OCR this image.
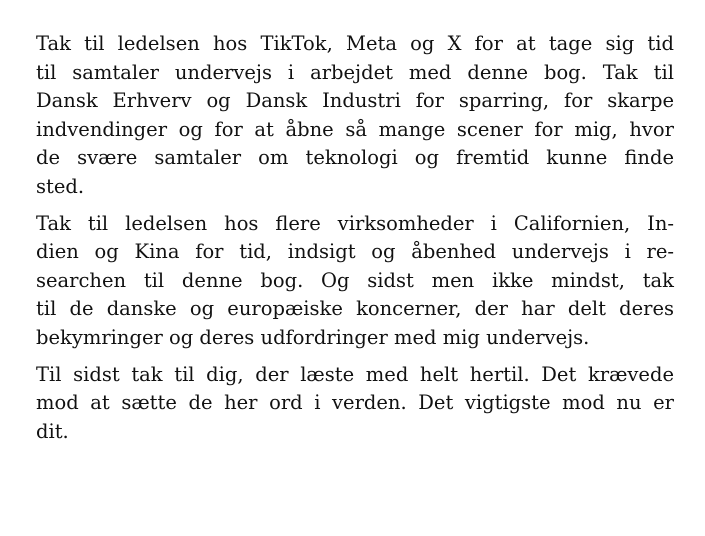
Tak til ledelsen hos TikTok, Meta og X for at tage sig tid
til samtaler undervejs i arbejdet med denne bog. Tak til
Dansk Erhverv og Dansk Industri for sparring, for skarpe
indvendinger og for at åbne så mange scener for mig, hvor
de svære samtaler om teknologi og fremtid kunne finde
sted.
Tak til ledelsen hos flere virksomheder i Californien, In-
dien og Kina for tid, indsigt og åbenhed undervejs i re-
searchen til denne bog. Og sidst men ikke mindst, tak
til de danske og europæiske koncerner, der har delt deres
bekymringer og deres udfordringer med mig undervejs.
Til sidst tak til dig, der læste med helt hertil. Det krævede
mod at sætte de her ord i verden. Det vigtigste mod nu er
dit.
